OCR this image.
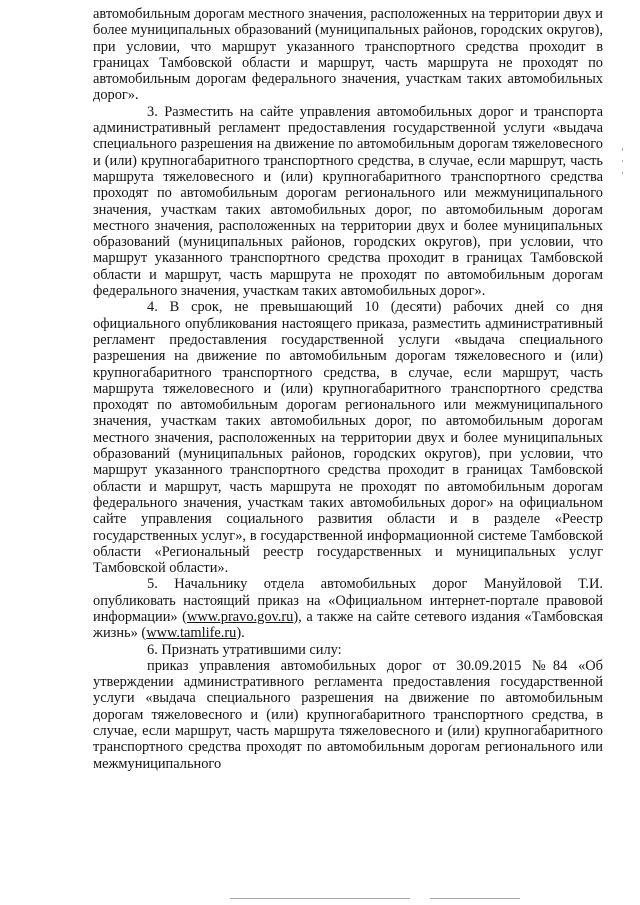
автомобильным дорогам местного значения, расположенных на территории двух и более муниципальных образований (муниципальных районов, городских округов), при условии, что маршрут указанного транспортного средства проходит в границах Тамбовской области и маршрут, часть маршрута не проходят по автомобильным дорогам федерального значения, участкам таких автомобильных дорог».

3. Разместить на сайте управления автомобильных дорог и транспорта административный регламент предоставления государственной услуги «выдача специального разрешения на движение по автомобильным дорогам тяжеловесного и (или) крупногабаритного транспортного средства, в случае, если маршрут, часть маршрута тяжеловесного и (или) крупногабаритного транспортного средства проходят по автомобильным дорогам регионального или межмуниципального значения, участкам таких автомобильных дорог, по автомобильным дорогам местного значения, расположенных на территории двух и более муниципальных образований (муниципальных районов, городских округов), при условии, что маршрут указанного транспортного средства проходит в границах Тамбовской области и маршрут, часть маршрута не проходят по автомобильным дорогам федерального значения, участкам таких автомобильных дорог».

4. В срок, не превышающий 10 (десяти) рабочих дней со дня официального опубликования настоящего приказа, разместить административный регламент предоставления государственной услуги «выдача специального разрешения на движение по автомобильным дорогам тяжеловесного и (или) крупногабаритного транспортного средства, в случае, если маршрут, часть маршрута тяжеловесного и (или) крупногабаритного транспортного средства проходят по автомобильным дорогам регионального или межмуниципального значения, участкам таких автомобильных дорог, по автомобильным дорогам местного значения, расположенных на территории двух и более муниципальных образований (муниципальных районов, городских округов), при условии, что маршрут указанного транспортного средства проходит в границах Тамбовской области и маршрут, часть маршрута не проходят по автомобильным дорогам федерального значения, участкам таких автомобильных дорог» на официальном сайте управления социального развития области и в разделе «Реестр государственных услуг», в государственной информационной системе Тамбовской области «Региональный реестр государственных и муниципальных услуг Тамбовской области».

5. Начальнику отдела автомобильных дорог Мануйловой Т.И. опубликовать настоящий приказ на «Официальном интернет-портале правовой информации» (www.pravo.gov.ru), а также на сайте сетевого издания «Тамбовская жизнь» (www.tamlife.ru).

6. Признать утратившими силу:

приказ управления автомобильных дорог от 30.09.2015 №84 «Об утверждении административного регламента предоставления государственной услуги «выдача специального разрешения на движение по автомобильным дорогам тяжеловесного и (или) крупногабаритного транспортного средства, в случае, если маршрут, часть маршрута тяжеловесного и (или) крупногабаритного транспортного средства проходят по автомобильным дорогам регионального или межмуниципального
